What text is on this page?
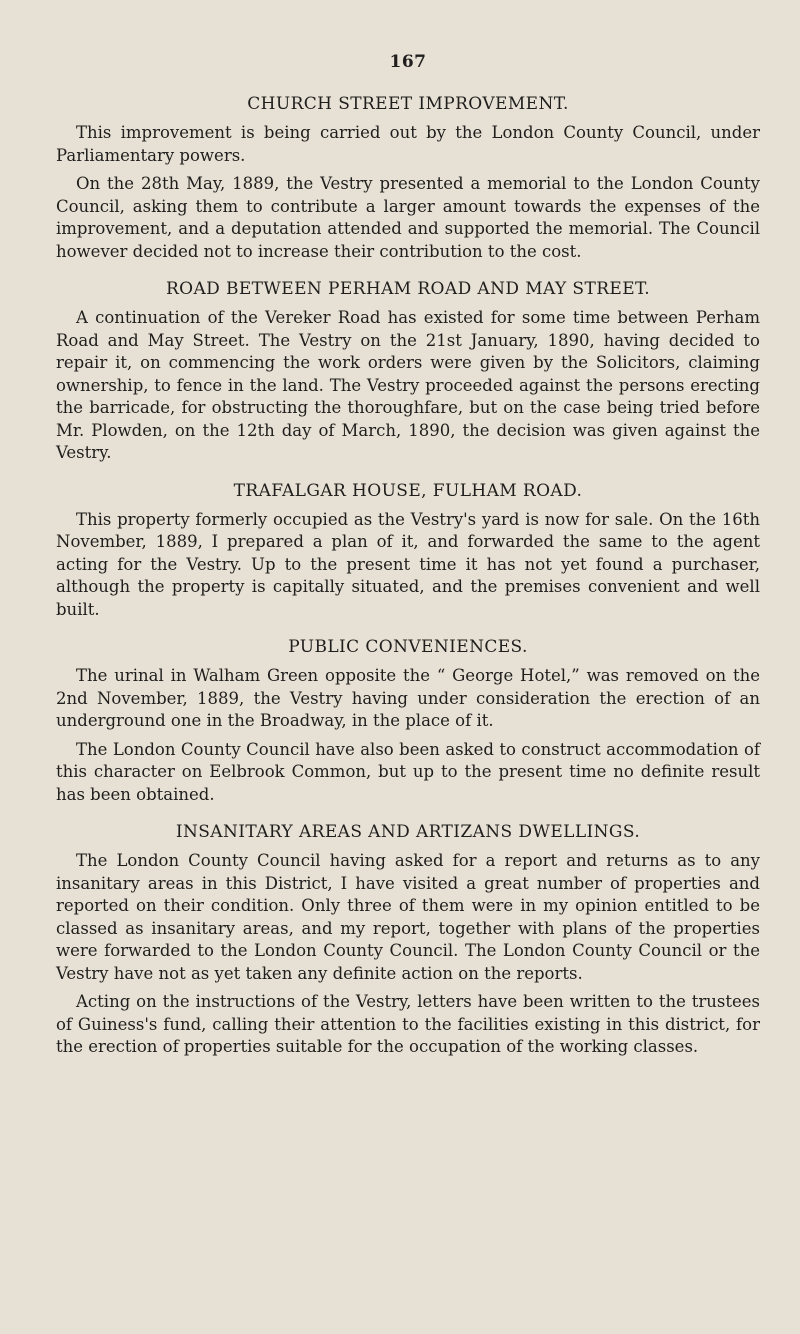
167
CHURCH STREET IMPROVEMENT.

This improvement is being carried out by the London County Council, under Parliamentary powers.

On the 28th May, 1889, the Vestry presented a memorial to the London County Council, asking them to contribute a larger amount towards the expenses of the improvement, and a deputation attended and supported the memorial. The Council however decided not to increase their contribution to the cost.

ROAD BETWEEN PERHAM ROAD AND MAY STREET.

A continuation of the Vereker Road has existed for some time between Perham Road and May Street. The Vestry on the 21st January, 1890, having decided to repair it, on commencing the work orders were given by the Solicitors, claiming ownership, to fence in the land. The Vestry proceeded against the persons erecting the barricade, for obstructing the thoroughfare, but on the case being tried before Mr. Plowden, on the 12th day of March, 1890, the decision was given against the Vestry.

TRAFALGAR HOUSE, FULHAM ROAD.

This property formerly occupied as the Vestry's yard is now for sale. On the 16th November, 1889, I prepared a plan of it, and forwarded the same to the agent acting for the Vestry. Up to the present time it has not yet found a purchaser, although the property is capitally situated, and the premises convenient and well built.

PUBLIC CONVENIENCES.

The urinal in Walham Green opposite the “ George Hotel,” was removed on the 2nd November, 1889, the Vestry having under consideration the erection of an underground one in the Broadway, in the place of it.

The London County Council have also been asked to construct accommodation of this character on Eelbrook Common, but up to the present time no definite result has been obtained.

INSANITARY AREAS AND ARTIZANS DWELLINGS.

The London County Council having asked for a report and returns as to any insanitary areas in this District, I have visited a great number of properties and reported on their condition. Only three of them were in my opinion entitled to be classed as insanitary areas, and my report, together with plans of the properties were forwarded to the London County Council. The London County Council or the Vestry have not as yet taken any definite action on the reports.

Acting on the instructions of the Vestry, letters have been written to the trustees of Guiness's fund, calling their attention to the facilities existing in this district, for the erection of properties suitable for the occupation of the working classes.
